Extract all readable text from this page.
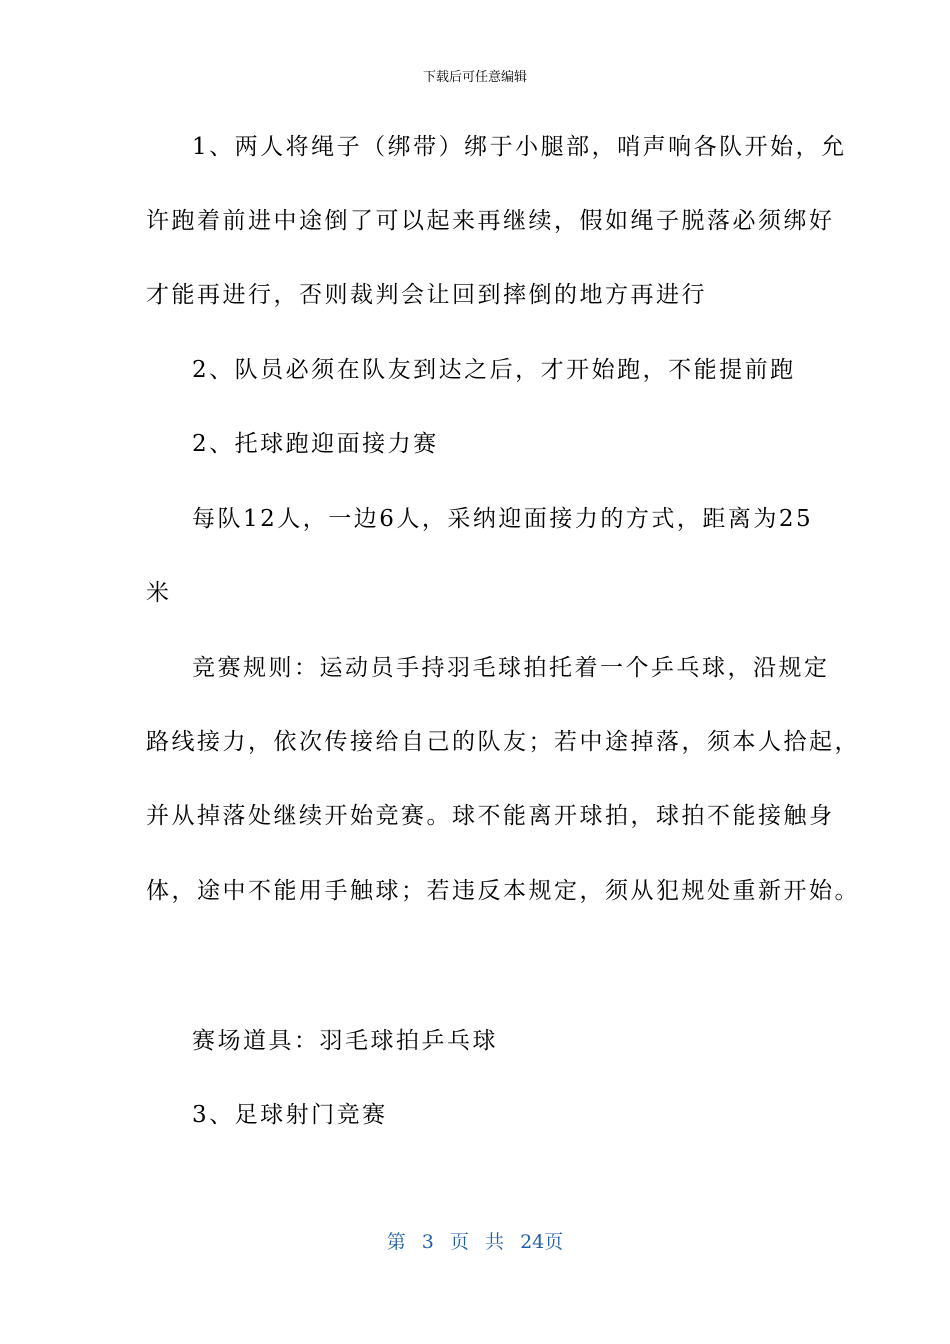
下载后可任意编辑
1、两人将绳子（绑带）绑于小腿部，哨声响各队开始，允
许跑着前进中途倒了可以起来再继续，假如绳子脱落必须绑好
才能再进行，否则裁判会让回到摔倒的地方再进行
2、队员必须在队友到达之后，才开始跑，不能提前跑
2、托球跑迎面接力赛
每队12人，一边6人，采纳迎面接力的方式，距离为25
米
竞赛规则：运动员手持羽毛球拍托着一个乒乓球，沿规定
路线接力，依次传接给自己的队友；若中途掉落，须本人拾起，
并从掉落处继续开始竞赛。球不能离开球拍，球拍不能接触身
体，途中不能用手触球；若违反本规定，须从犯规处重新开始。
赛场道具：羽毛球拍乒乓球
3、足球射门竞赛
第 3 页 共 24页
